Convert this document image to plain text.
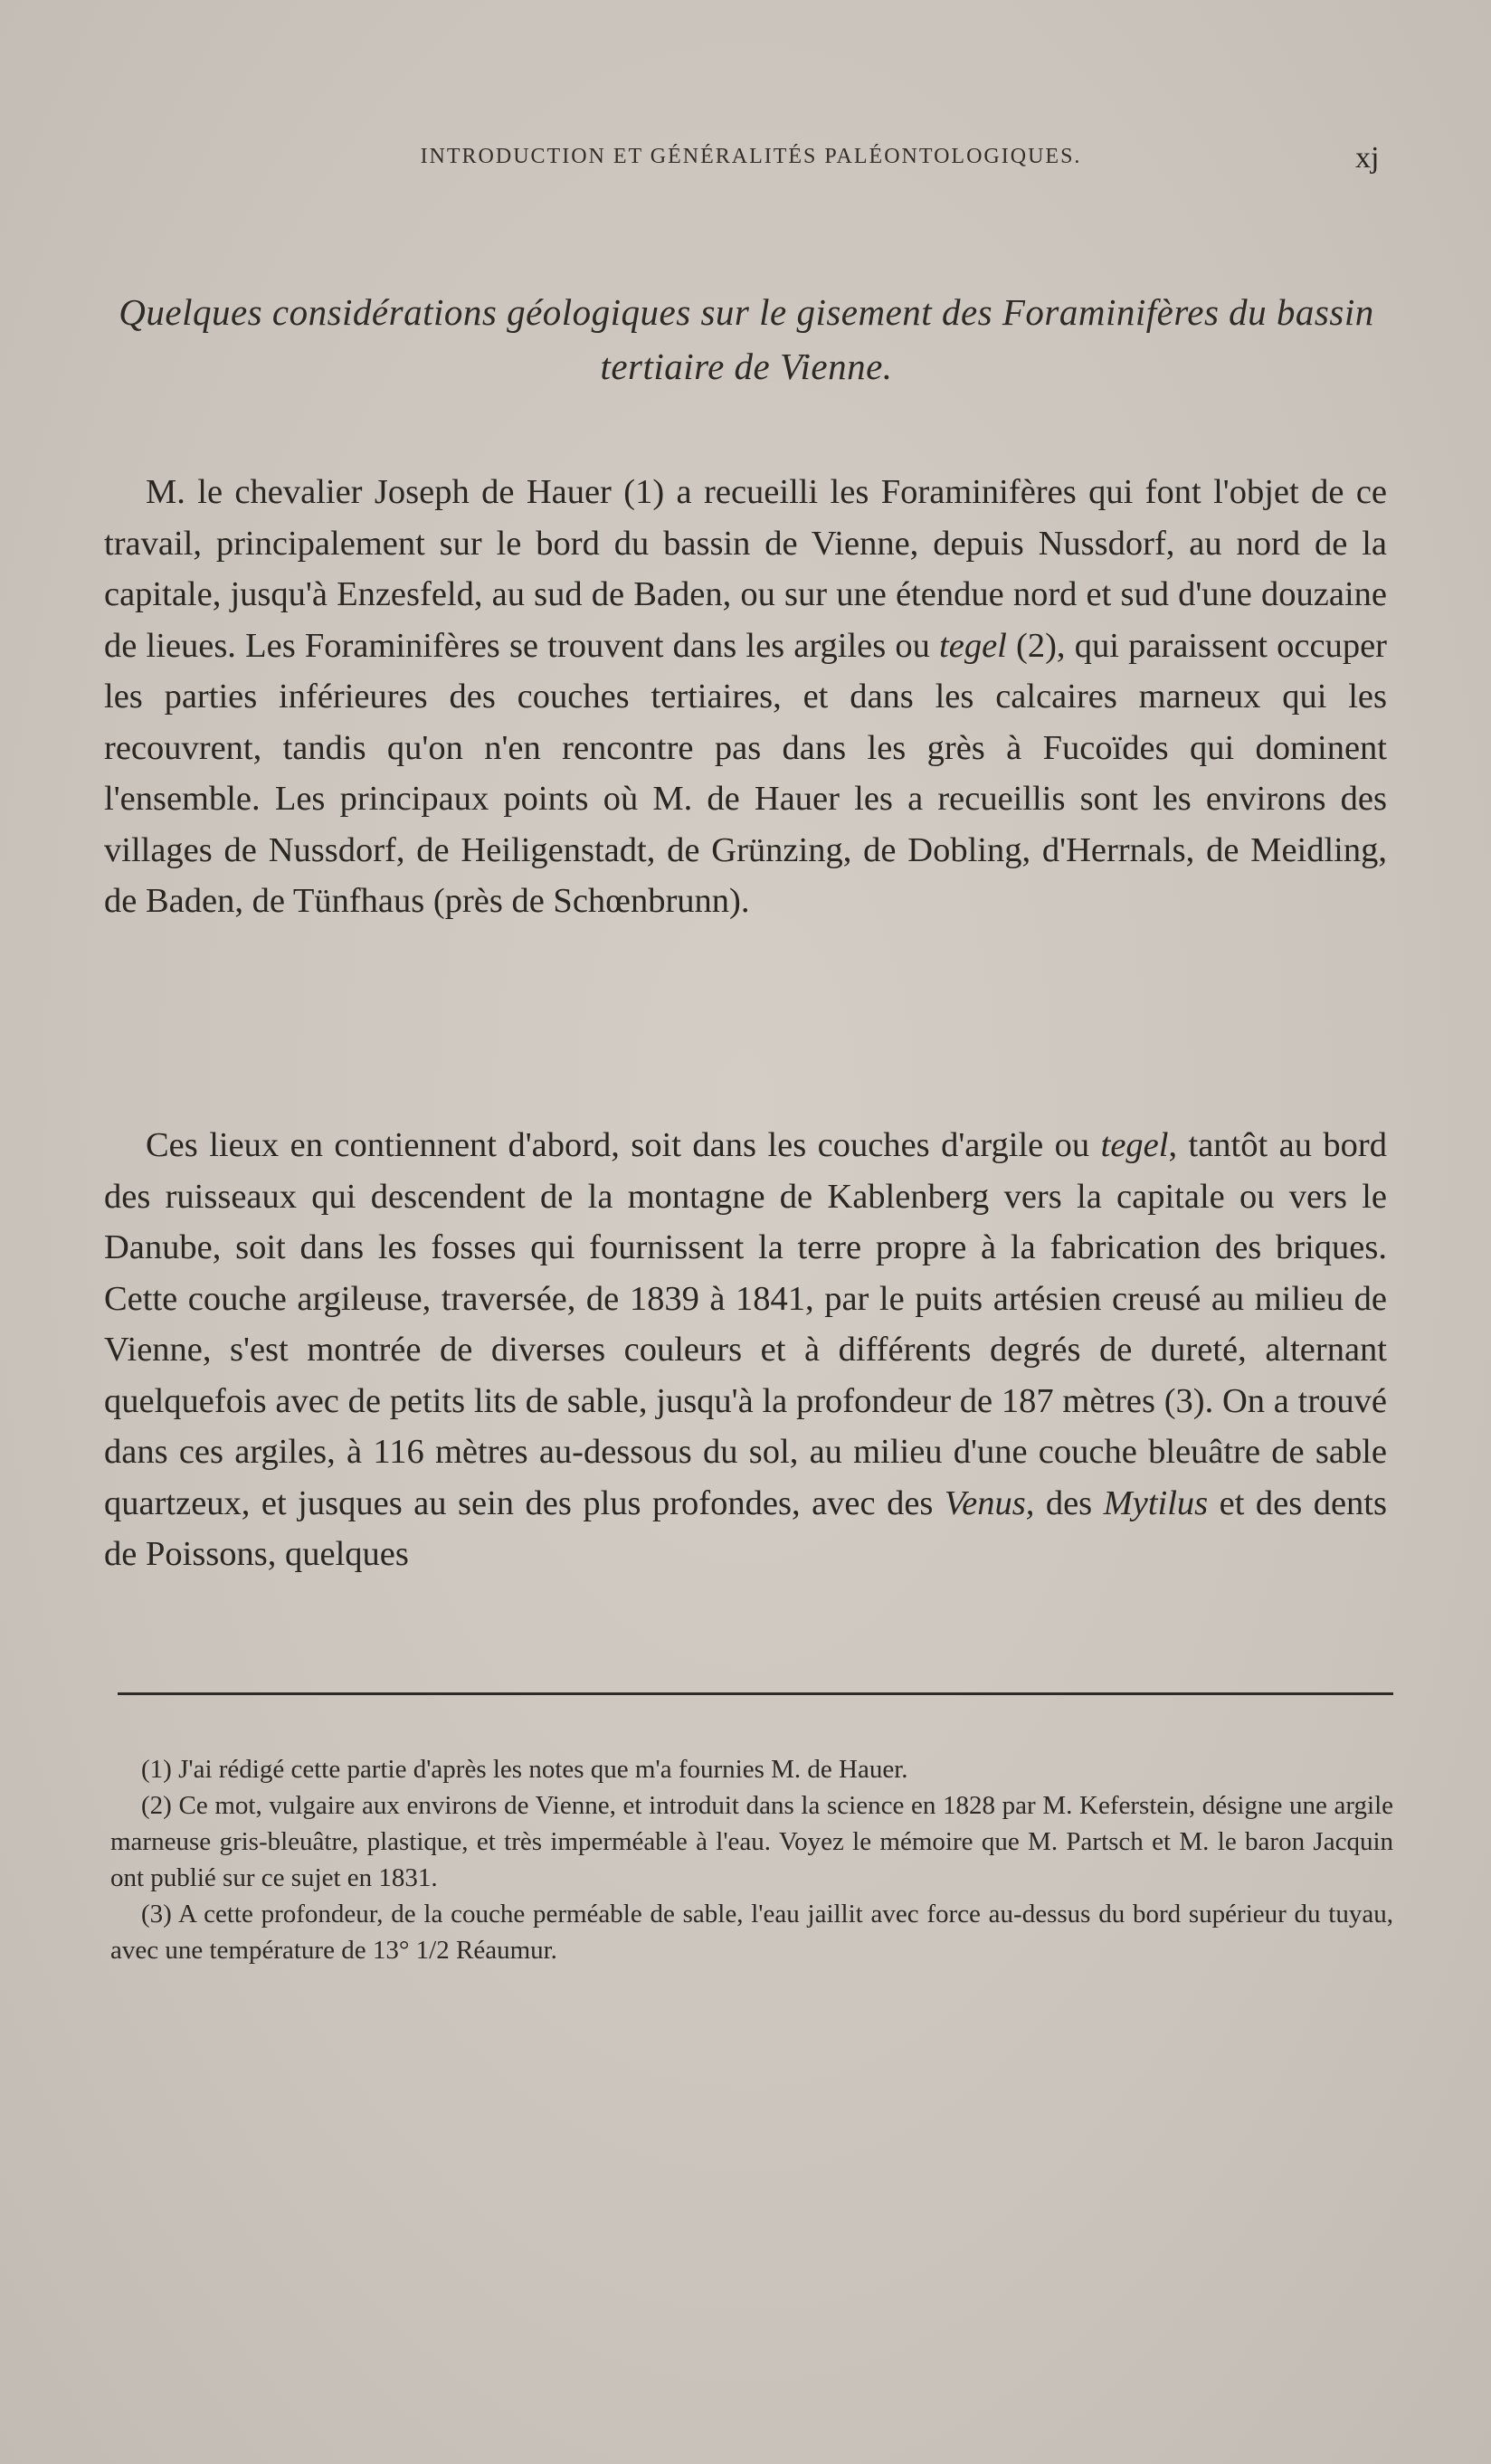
INTRODUCTION ET GÉNÉRALITÉS PALÉONTOLOGIQUES.	xj
Quelques considérations géologiques sur le gisement des Foraminifères du bassin tertiaire de Vienne.

M. le chevalier Joseph de Hauer (1) a recueilli les Foraminifères qui font l'objet de ce travail, principalement sur le bord du bassin de Vienne, depuis Nussdorf, au nord de la capitale, jusqu'à Enzesfeld, au sud de Baden, ou sur une étendue nord et sud d'une douzaine de lieues. Les Foraminifères se trouvent dans les argiles ou tegel (2), qui paraissent occuper les parties inférieures des couches tertiaires, et dans les calcaires marneux qui les recouvrent, tandis qu'on n'en rencontre pas dans les grès à Fucoïdes qui dominent l'ensemble. Les principaux points où M. de Hauer les a recueillis sont les environs des villages de Nussdorf, de Heiligenstadt, de Grünzing, de Dobling, d'Herrnals, de Meidling, de Baden, de Tünfhaus (près de Schœnbrunn).

Ces lieux en contiennent d'abord, soit dans les couches d'argile ou tegel, tantôt au bord des ruisseaux qui descendent de la montagne de Kablenberg vers la capitale ou vers le Danube, soit dans les fosses qui fournissent la terre propre à la fabrication des briques. Cette couche argileuse, traversée, de 1839 à 1841, par le puits artésien creusé au milieu de Vienne, s'est montrée de diverses couleurs et à différents degrés de dureté, alternant quelquefois avec de petits lits de sable, jusqu'à la profondeur de 187 mètres (3). On a trouvé dans ces argiles, à 116 mètres au-dessous du sol, au milieu d'une couche bleuâtre de sable quartzeux, et jusques au sein des plus profondes, avec des Venus, des Mytilus et des dents de Poissons, quelques

(1) J'ai rédigé cette partie d'après les notes que m'a fournies M. de Hauer.

(2) Ce mot, vulgaire aux environs de Vienne, et introduit dans la science en 1828 par M. Keferstein, désigne une argile marneuse gris-bleuâtre, plastique, et très imperméable à l'eau. Voyez le mémoire que M. Partsch et M. le baron Jacquin ont publié sur ce sujet en 1831.

(3) A cette profondeur, de la couche perméable de sable, l'eau jaillit avec force au-dessus du bord supérieur du tuyau, avec une température de 13° 1/2 Réaumur.
